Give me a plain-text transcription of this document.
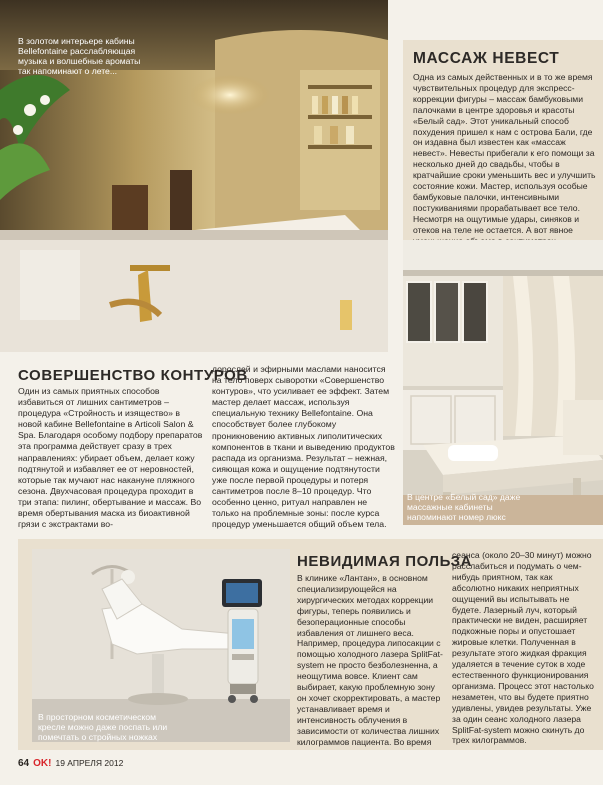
В золотом интерьере кабины Bellefontaine расслабляющая музыка и волшебные ароматы так напоминают о лете...
МАССАЖ НЕВЕСТ
Одна из самых действенных и в то же время чувствительных процедур для экспресс-коррекции фигуры – массаж бамбуковыми палочками в центре здоровья и красоты «Белый сад». Этот уникальный способ похудения пришел к нам с острова Бали, где он издавна был известен как «массаж невест». Невесты прибегали к его помощи за несколько дней до свадьбы, чтобы в кратчайшие сроки уменьшить вес и улучшить состояние кожи. Мастер, используя особые бамбуковые палочки, интенсивными постукиваниями прорабатывает все тело. Несмотря на ощутимые удары, синяков и отеков на теле не остается. А вот явное
В центре «Белый сад» даже массажные кабинеты напоминают номер люкс
СОВЕРШЕНСТВО КОНТУРОВ
Один из самых приятных способов избавиться от лишних сантиметров – процедура «Стройность и изящество» в новой кабине Bellefontaine в Articoli Salon & Spa. Благодаря особому подбору препаратов эта программа действует сразу в трех направлениях: убирает объем, делает кожу подтянутой и избавляет ее от неровностей, которые так мучают нас накануне пляжного сезона. Двухчасовая процедура проходит в три этапа: пилинг, обертывание и массаж. Во время обертывания маска из биоактивной грязи с экстрактами во-
дорослей и эфирными маслами наносится на тело поверх сыворотки «Совершенство контуров», что усиливает ее эффект. Затем мастер делает массаж, используя специальную технику Bellefontaine. Она способствует более глубокому проникновению активных липолитических компонентов в ткани и выведению продуктов распада из организма. Результат – нежная, сияющая кожа и ощущение подтянутости уже после первой процедуры и потеря сантиметров после 8–10 процедур. Что особенно ценно, ритуал направлен не только на проблемные зоны: после курса процедур уменьшается общий объем тела.
В просторном косметическом кресле можно даже поспать или помечтать о стройных ножках
НЕВИДИМАЯ ПОЛЬЗА
В клинике «Лантан», в основном специализирующейся на хирургических методах коррекции фигуры, теперь появились и безоперационные способы избавления от лишнего веса. Например, процедура липосакции с помощью холодного лазера SplitFat-system не просто безболезненна, а неощутима вовсе. Клиент сам выбирает, какую проблемную зону он хочет скорректировать, а мастер устанавливает время и интенсивность облучения в зависимости от количества лишних килограммов пациента. Во время
сеанса (около 20–30 минут) можно расслабиться и подумать о чем-нибудь приятном, так как абсолютно никаких неприятных ощущений вы испытывать не будете. Лазерный луч, который практически не виден, расширяет подкожные поры и опустошает жировые клетки. Полученная в результате этого жидкая фракция удаляется в течение суток в ходе естественного функционирования организма. Процесс этот настолько незаметен, что вы будете приятно удивлены, увидев результаты. Уже за один сеанс холодного лазера SplitFat-system можно скинуть до трех килограммов.
64 OK! 19 АПРЕЛЯ 2012
